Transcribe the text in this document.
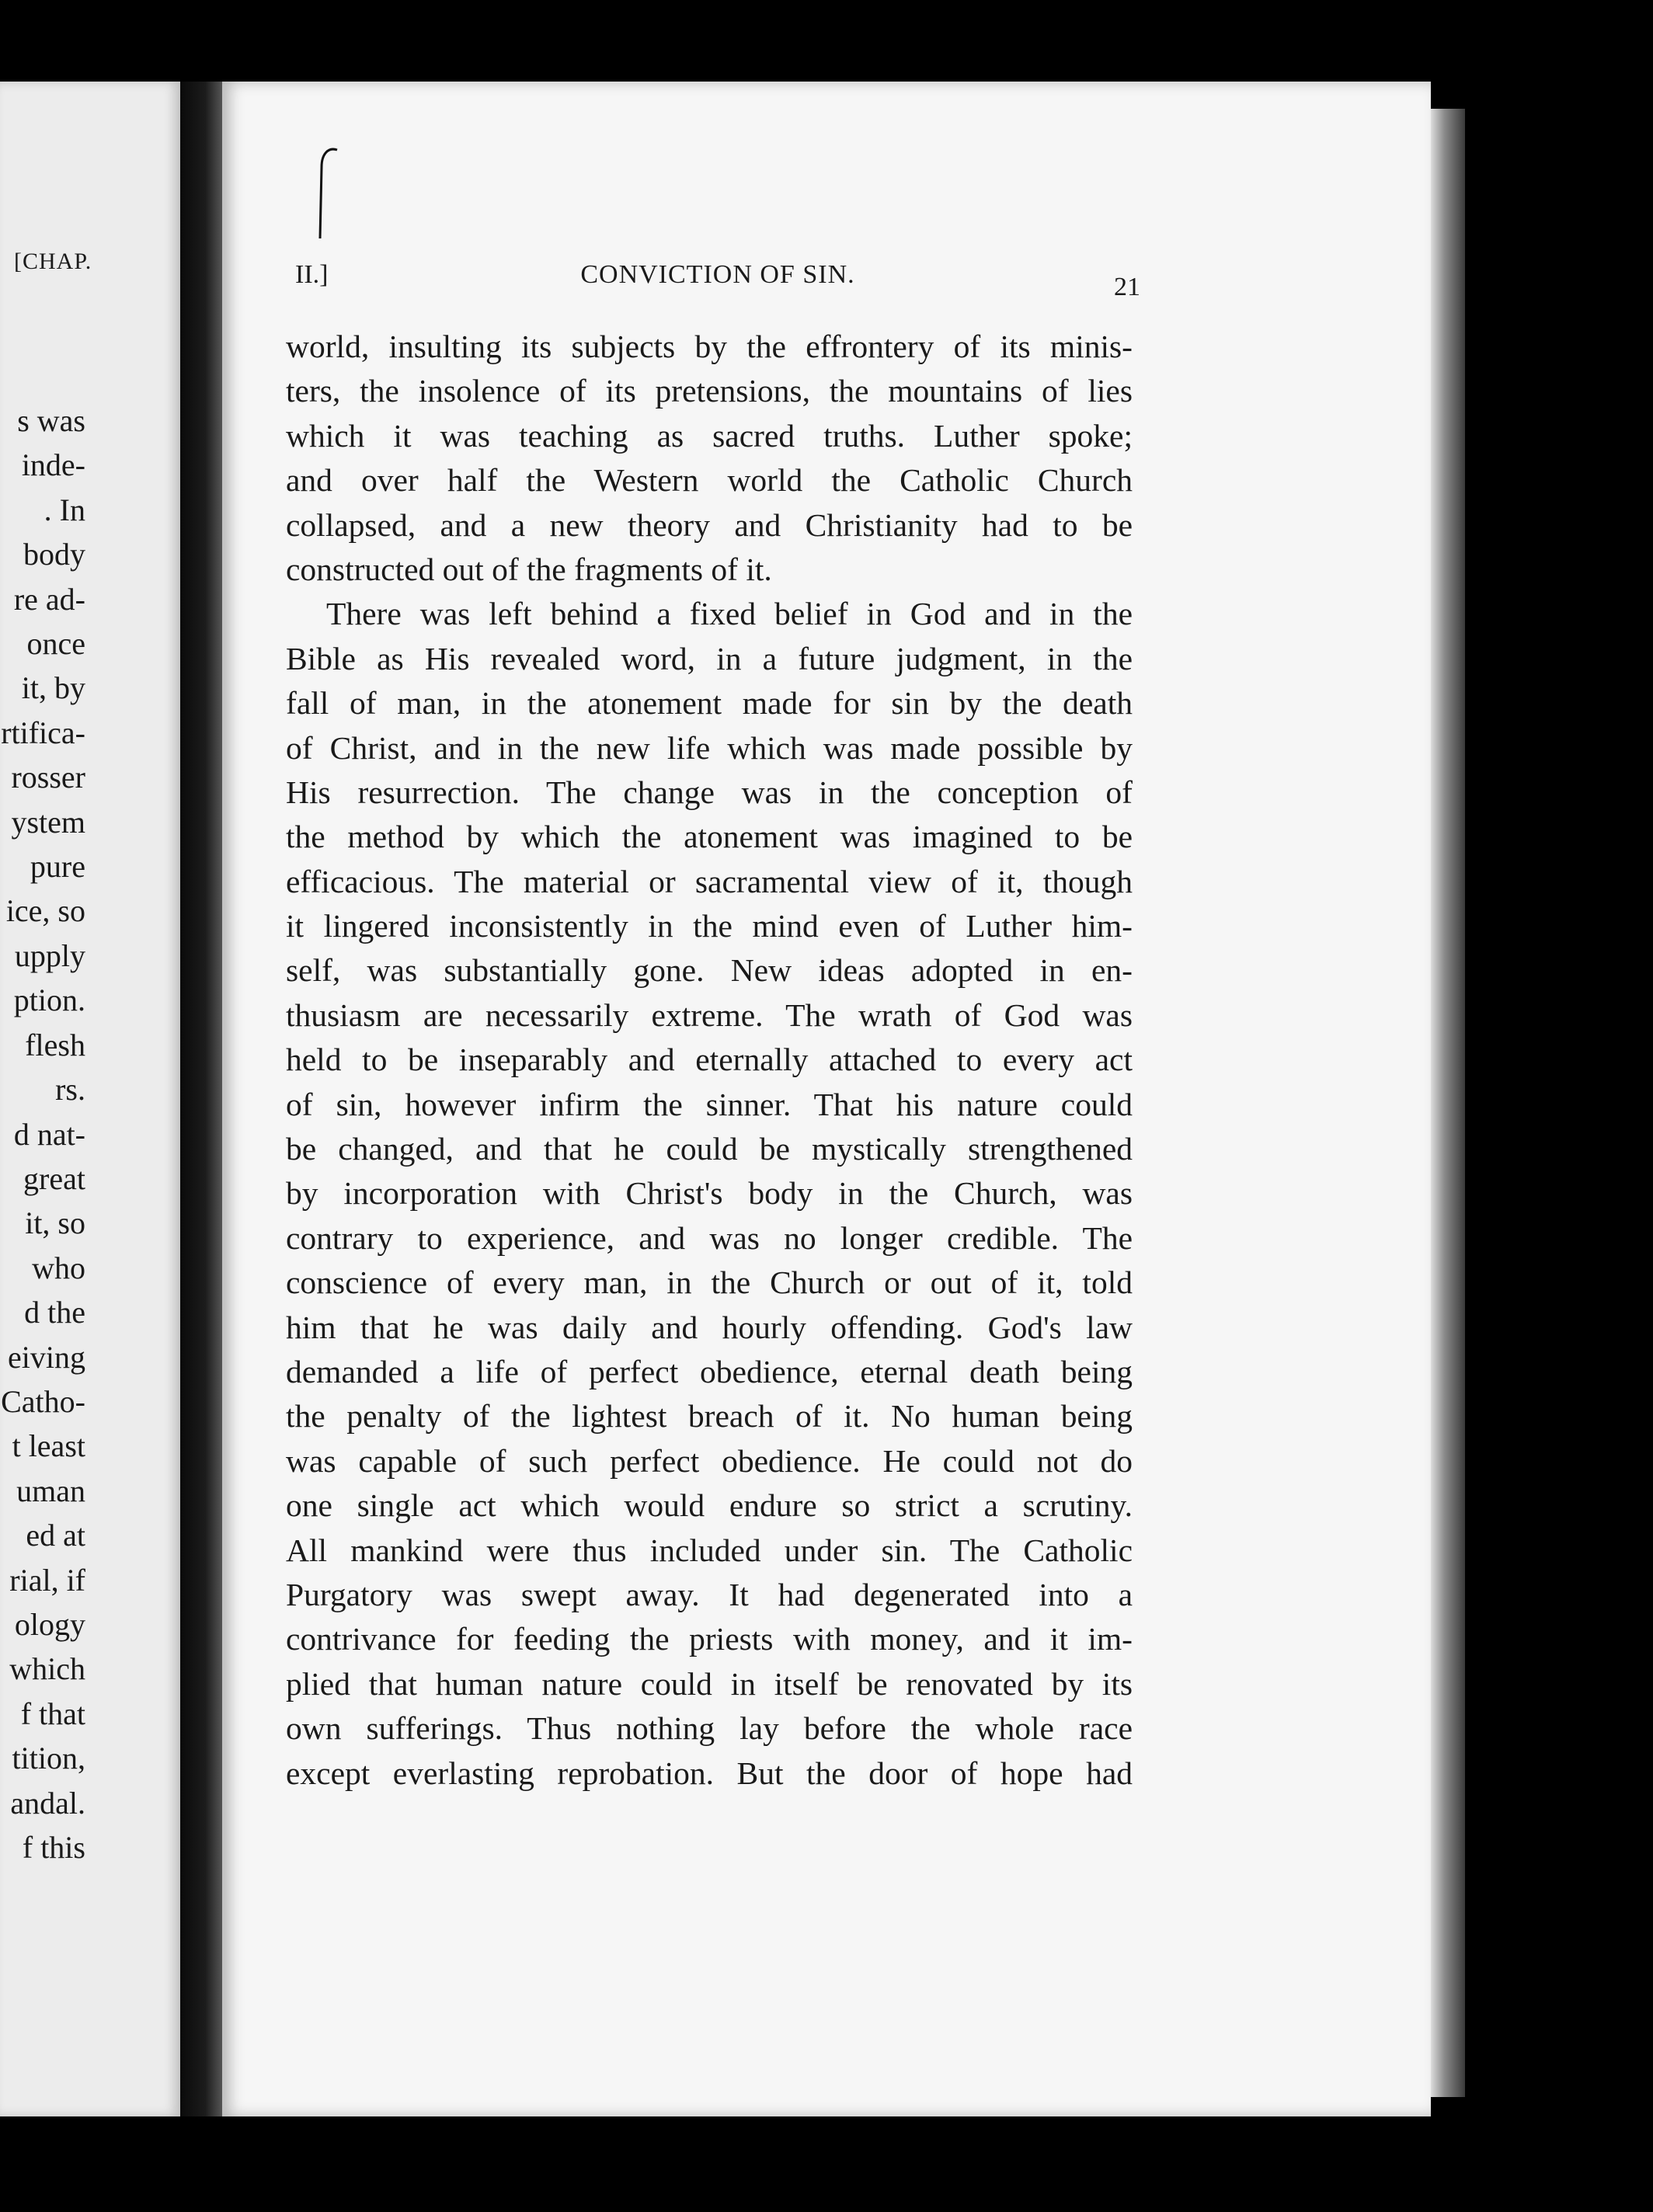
[CHAP.
s was
inde-
. In
body
re ad-
once
it, by
rtifica-
rosser
ystem
pure
ice, so
upply
ption.
flesh
rs.
d nat-
great
it, so
who
d the
eiving
Catho-
t least
uman
ed at
rial, if
ology
which
f that
tition,
andal.
f this
II.]	CONVICTION OF SIN.	21
world, insulting its subjects by the effrontery of its minis-
ters, the insolence of its pretensions, the mountains of lies
which it was teaching as sacred truths. Luther spoke;
and over half the Western world the Catholic Church
collapsed, and a new theory and Christianity had to be
constructed out of the fragments of it.
There was left behind a fixed belief in God and in the
Bible as His revealed word, in a future judgment, in the
fall of man, in the atonement made for sin by the death
of Christ, and in the new life which was made possible by
His resurrection. The change was in the conception of
the method by which the atonement was imagined to be
efficacious. The material or sacramental view of it, though
it lingered inconsistently in the mind even of Luther him-
self, was substantially gone. New ideas adopted in en-
thusiasm are necessarily extreme. The wrath of God was
held to be inseparably and eternally attached to every act
of sin, however infirm the sinner. That his nature could
be changed, and that he could be mystically strengthened
by incorporation with Christ's body in the Church, was
contrary to experience, and was no longer credible. The
conscience of every man, in the Church or out of it, told
him that he was daily and hourly offending. God's law
demanded a life of perfect obedience, eternal death being
the penalty of the lightest breach of it. No human being
was capable of such perfect obedience. He could not do
one single act which would endure so strict a scrutiny.
All mankind were thus included under sin. The Catholic
Purgatory was swept away. It had degenerated into a
contrivance for feeding the priests with money, and it im-
plied that human nature could in itself be renovated by its
own sufferings. Thus nothing lay before the whole race
except everlasting reprobation. But the door of hope had
